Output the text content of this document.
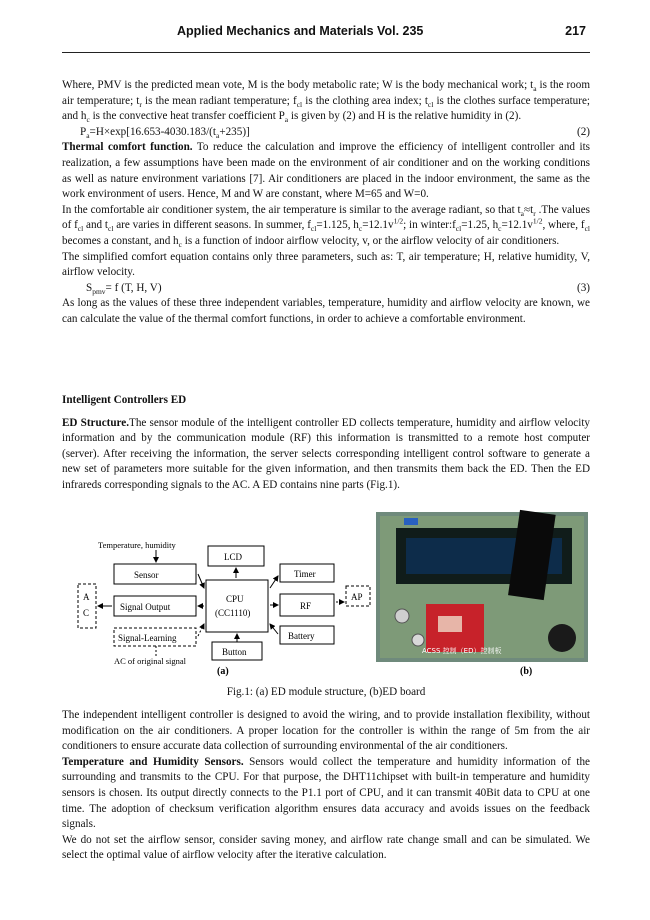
Applied Mechanics and Materials Vol. 235	217

Where, PMV is the predicted mean vote, M is the body metabolic rate; W is the body mechanical work; $t_a$ is the room air temperature; $t_r$ is the mean radiant temperature; $f_{cl}$ is the clothing area index; $t_{cl}$ is the clothes surface temperature; and $h_c$ is the convective heat transfer coefficient $P_a$ is given by (2) and H is the relative humidity in (2).

$P_a=H\times\exp[16.653-4030.183/(t_a+235)]$	(2)

Thermal comfort function. To reduce the calculation and improve the efficiency of intelligent controller and its realization, a few assumptions have been made on the environment of air conditioner and on the working conditions as well as nature environment variations [7]. Air conditioners are placed in the indoor environment, the same as the work environment of users. Hence, M and W are constant, where M=65 and W=0.

In the comfortable air conditioner system, the air temperature is similar to the average radiant, so that $t_a\approx t_r$ .The values of $f_{cl}$ and $t_{cl}$ are varies in different seasons. In summer, $f_{cl}=1.125$, $h_c=12.1v^{1/2}$; in $winter:f_{cl}=1.25$, $h_c=12.1v^{1/2}$, where, $f_{cl}$ becomes a constant, and $h_c$ is a function of indoor airflow velocity, v, or the airflow velocity of air conditioners.

The simplified comfort equation contains only three parameters, such as: T, air temperature; H, relative humidity, V, airflow velocity.

$S_{pmv}= f$ (T, H, V)	(3)

As long as the values of these three independent variables, temperature, humidity and airflow velocity are known, we can calculate the value of the thermal comfort functions, in order to achieve a comfortable environment.

Intelligent Controllers ED

ED Structure.The sensor module of the intelligent controller ED collects temperature, humidity and airflow velocity information and by the communication module (RF) this information is transmitted to a remote host computer (server). After receiving the information, the server selects corresponding intelligent control software to generate a new set of parameters more suitable for the given information, and then transmits them back the ED. Then the ED infrareds corresponding signals to the AC. A ED contains nine parts (Fig.1).

Temperature, humidity
Sensor
Signal Output
Signal-Learning
AC of original signal
A
C
LCD
CPU
(CC1110)
Button
Timer
RF
Battery
AP
(a)
ACSS 控制（ED）控制板
(b)
Fig.1: (a) ED module structure, (b)ED board

The independent intelligent controller is designed to avoid the wiring, and to provide installation flexibility, without modification on the air conditioners. A proper location for the controller is within the range of 5m from the air conditioners to ensure accurate data collection of surrounding environmental of the air conditioners.

Temperature and Humidity Sensors. Sensors would collect the temperature and humidity information of the surrounding and transmits to the CPU. For that purpose, the DHT11chipset with built-in temperature and humidity sensors is chosen. Its output directly connects to the P1.1 port of CPU, and it can transmit 40Bit data to CPU at one time. The adoption of checksum verification algorithm ensures data accuracy and avoids issues on the feedback signals.

We do not set the airflow sensor, consider saving money, and airflow rate change small and can be simulated. We select the optimal value of airflow velocity after the iterative calculation.
